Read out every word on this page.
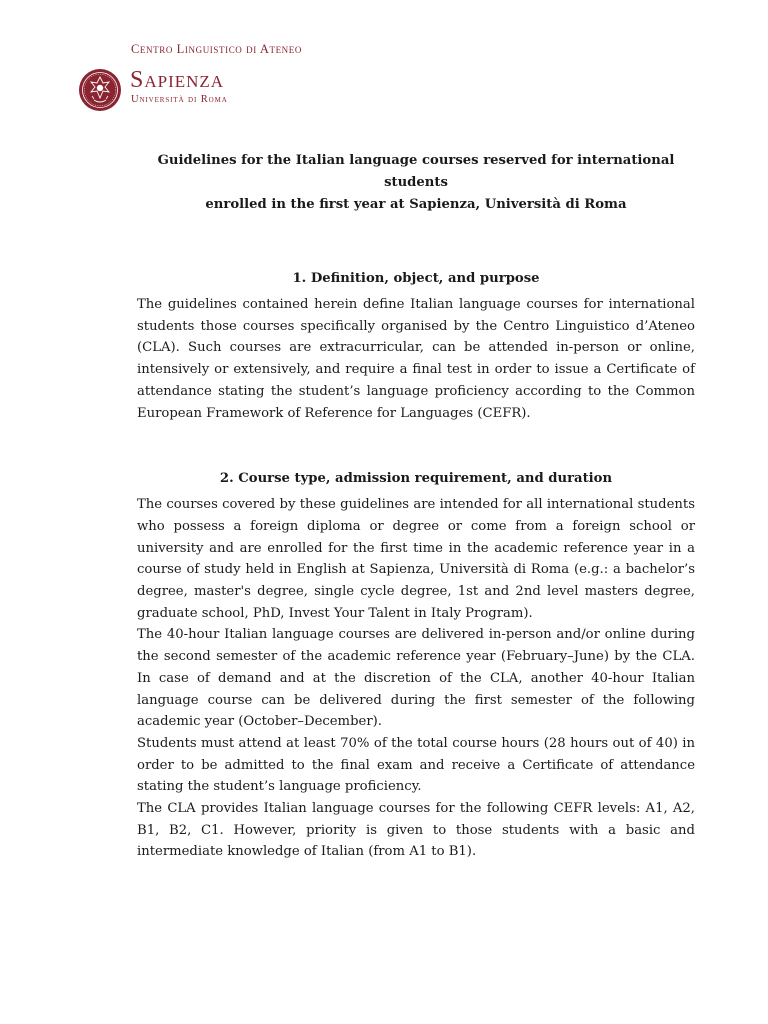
Centro Linguistico di Ateneo
Sapienza
Università di Roma

Guidelines for the Italian language courses reserved for international students
enrolled in the first year at Sapienza, Università di Roma

1. Definition, object, and purpose

The guidelines contained herein define Italian language courses for international students those courses specifically organised by the Centro Linguistico d’Ateneo (CLA). Such courses are extracurricular, can be attended in-person or online, intensively or extensively, and require a final test in order to issue a Certificate of attendance stating the student’s language proficiency according to the Common European Framework of Reference for Languages (CEFR).

2. Course type, admission requirement, and duration

The courses covered by these guidelines are intended for all international students who possess a foreign diploma or degree or come from a foreign school or university and are enrolled for the first time in the academic reference year in a course of study held in English at Sapienza, Università di Roma (e.g.: a bachelor’s degree, master's degree, single cycle degree, 1st and 2nd level masters degree, graduate school, PhD, Invest Your Talent in Italy Program).

The 40-hour Italian language courses are delivered in-person and/or online during the second semester of the academic reference year (February–June) by the CLA. In case of demand and at the discretion of the CLA, another 40-hour Italian language course can be delivered during the first semester of the following academic year (October–December).

Students must attend at least 70% of the total course hours (28 hours out of 40) in order to be admitted to the final exam and receive a Certificate of attendance stating the student’s language proficiency.

The CLA provides Italian language courses for the following CEFR levels: A1, A2, B1, B2, C1. However, priority is given to those students with a basic and intermediate knowledge of Italian (from A1 to B1).
